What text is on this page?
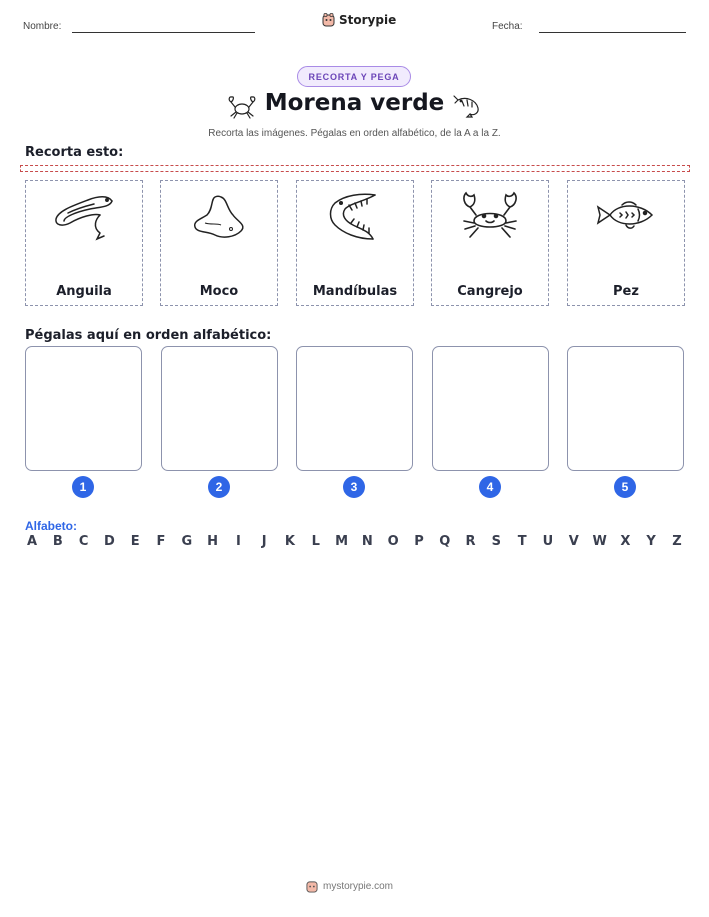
Nombre:	Storypie	Fecha:
RECORTA Y PEGA
Morena verde
Recorta las imágenes. Pégalas en orden alfabético, de la A a la Z.
Recorta esto:
Anguila	Moco	Mandíbulas	Cangrejo	Pez
Pégalas aquí en orden alfabético:
1	2	3	4	5
Alfabeto:
A B C D E F G H	I	J	K L M N O P Q R S T U V W X Y Z
mystorypie.com
